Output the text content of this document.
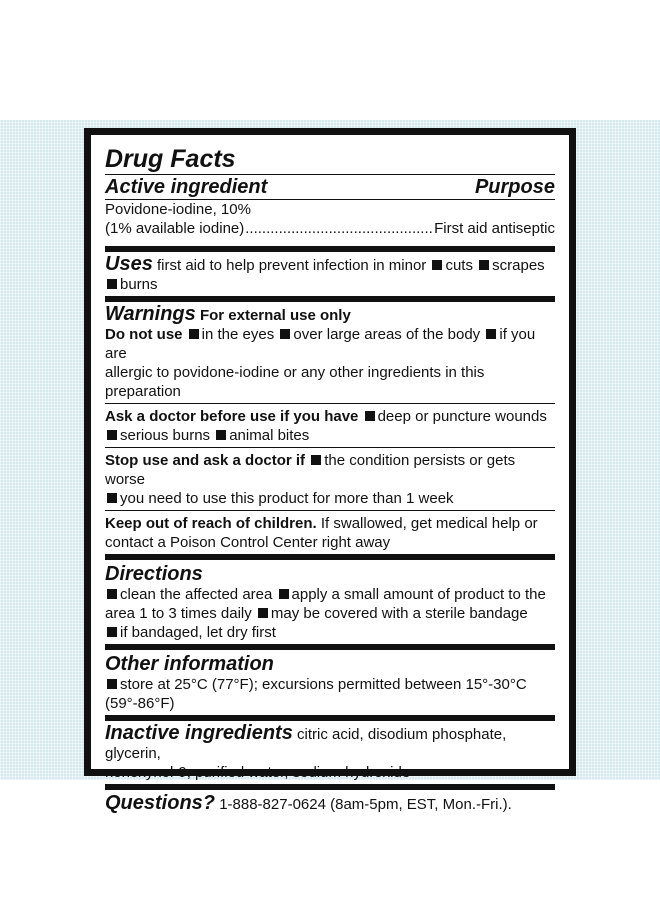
Drug Facts
Active ingredient	Purpose
Povidone-iodine, 10%
(1% available iodine)
.....	First aid antiseptic
Uses first aid to help prevent infection in minor cuts scrapes
burns
Warnings For external use only
Do not use in the eyes over large areas of the body if you are
allergic to povidone-iodine or any other ingredients in this preparation
Ask a doctor before use if you have deep or puncture wounds
serious burns animal bites
Stop use and ask a doctor if the condition persists or gets worse
you need to use this product for more than 1 week
Keep out of reach of children. If swallowed, get medical help or
contact a Poison Control Center right away
Directions
clean the affected area apply a small amount of product to the
area 1 to 3 times daily may be covered with a sterile bandage
if bandaged, let dry first
Other information
store at 25°C (77°F); excursions permitted between 15°-30°C
(59°-86°F)
Inactive ingredients citric acid, disodium phosphate, glycerin,
nonoxynol-9, purified water, sodium hydroxide
Questions? 1-888-827-0624 (8am-5pm, EST, Mon.-Fri.).
